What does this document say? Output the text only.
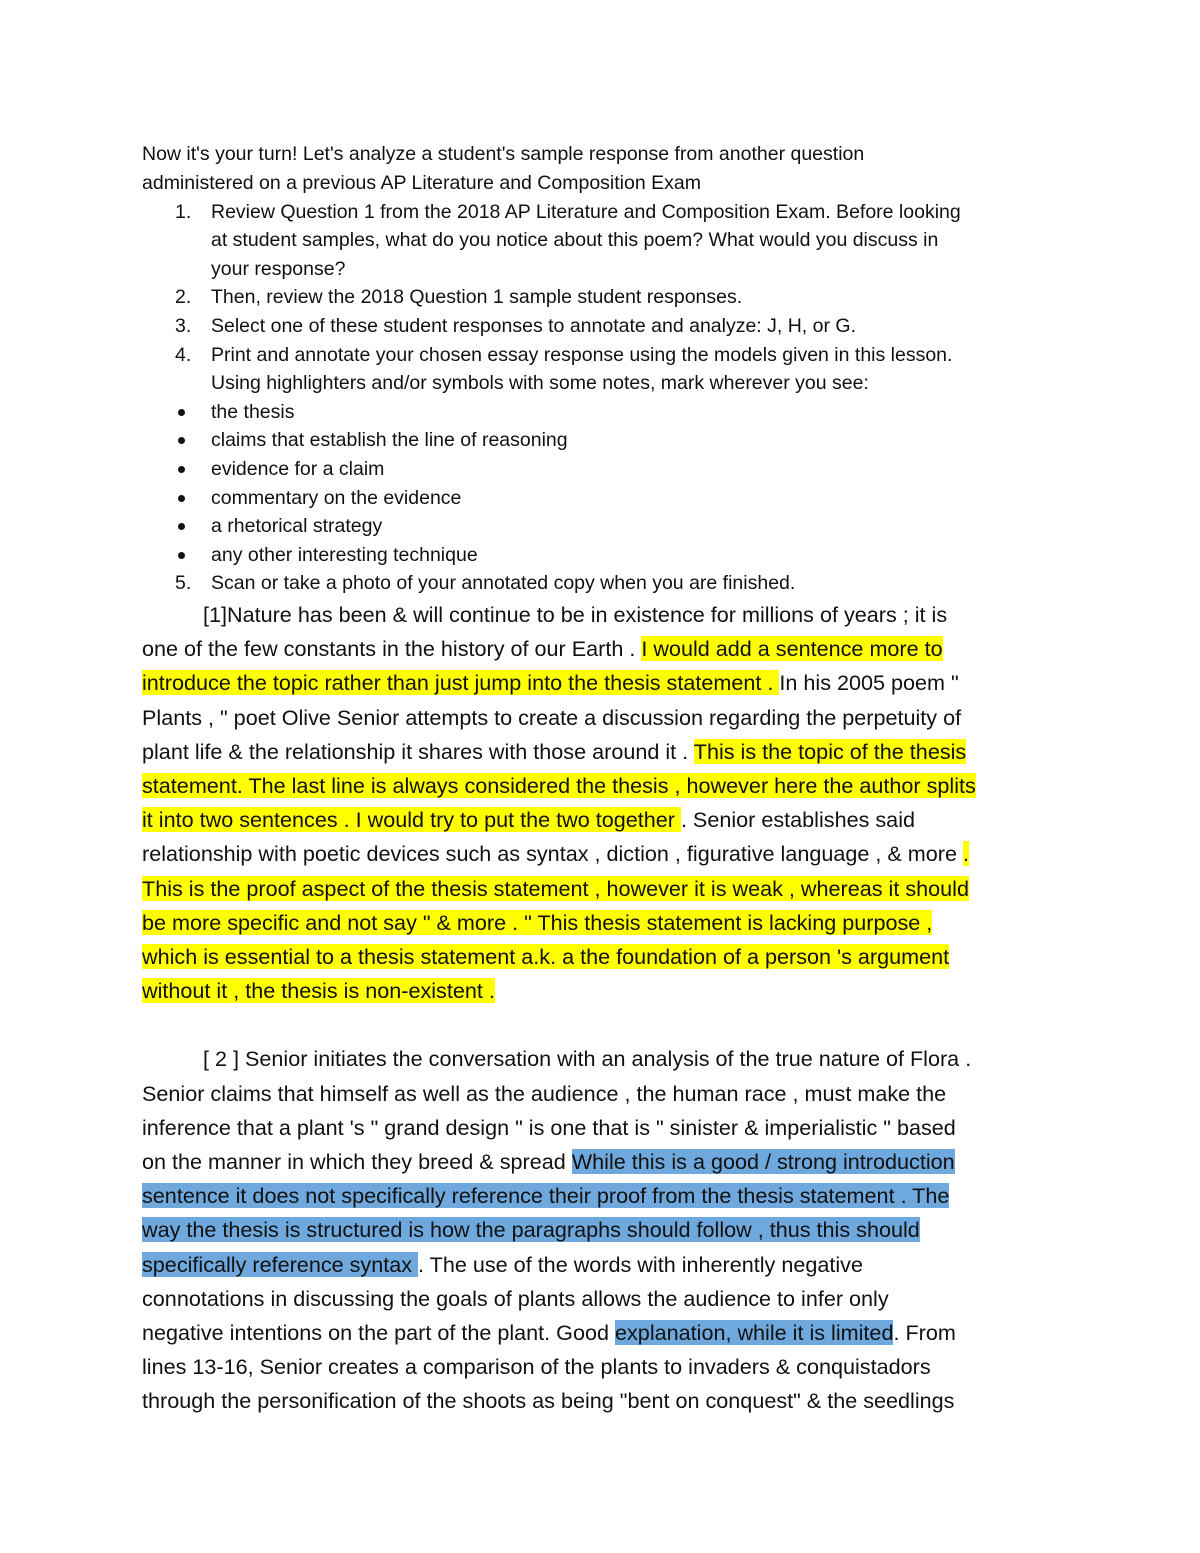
Now it's your turn! Let's analyze a student's sample response from another question
administered on a previous AP Literature and Composition Exam

1. Review Question 1 from the 2018 AP Literature and Composition Exam. Before looking
at student samples, what do you notice about this poem? What would you discuss in
your response?
2. Then, review the 2018 Question 1 sample student responses.
3. Select one of these student responses to annotate and analyze: J, H, or G.
4. Print and annotate your chosen essay response using the models given in this lesson.
Using highlighters and/or symbols with some notes, mark wherever you see:
the thesis
claims that establish the line of reasoning
evidence for a claim
commentary on the evidence
a rhetorical strategy
any other interesting technique
5. Scan or take a photo of your annotated copy when you are finished.

[1]Nature has been & will continue to be in existence for millions of years ; it is
one of the few constants in the history of our Earth . I would add a sentence more to
introduce the topic rather than just jump into the thesis statement . In his 2005 poem "
Plants , " poet Olive Senior attempts to create a discussion regarding the perpetuity of
plant life & the relationship it shares with those around it . This is the topic of the thesis
statement. The last line is always considered the thesis , however here the author splits
it into two sentences . I would try to put the two together . Senior establishes said
relationship with poetic devices such as syntax , diction , figurative language , & more .
This is the proof aspect of the thesis statement , however it is weak , whereas it should
be more specific and not say " & more . " This thesis statement is lacking purpose ,
which is essential to a thesis statement a.k. a the foundation of a person 's argument
without it , the thesis is non-existent .

[ 2 ] Senior initiates the conversation with an analysis of the true nature of Flora .
Senior claims that himself as well as the audience , the human race , must make the
inference that a plant 's " grand design " is one that is " sinister & imperialistic " based
on the manner in which they breed & spread While this is a good / strong introduction
sentence it does not specifically reference their proof from the thesis statement . The
way the thesis is structured is how the paragraphs should follow , thus this should
specifically reference syntax . The use of the words with inherently negative
connotations in discussing the goals of plants allows the audience to infer only
negative intentions on the part of the plant. Good explanation, while it is limited. From
lines 13-16, Senior creates a comparison of the plants to invaders & conquistadors
through the personification of the shoots as being "bent on conquest" & the seedlings
